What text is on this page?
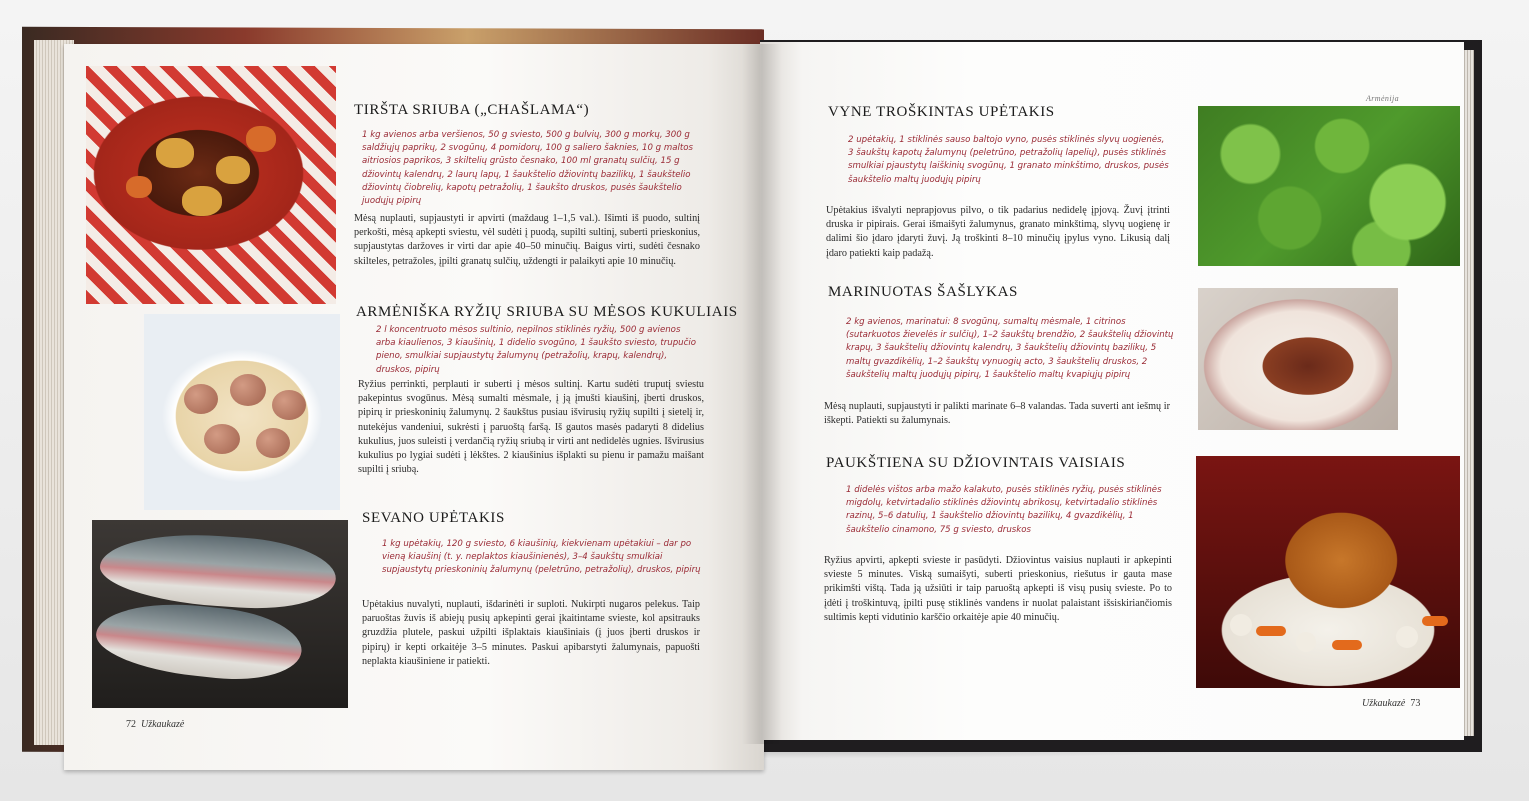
TIRŠTA SRIUBA („CHAŠLAMA“)
1 kg avienos arba veršienos, 50 g sviesto, 500 g bulvių, 300 g morkų, 300 g saldžiųjų paprikų, 2 svogūnų, 4 pomidorų, 100 g saliero šaknies, 10 g maltos aitriosios paprikos, 3 skiltelių grūsto česnako, 100 ml granatų sulčių, 15 g džiovintų kalendrų, 2 laurų lapų, 1 šaukštelio džiovintų bazilikų, 1 šaukštelio džiovintų čiobrelių, kapotų petražolių, 1 šaukšto druskos, pusės šaukštelio juodųjų pipirų
Mėsą nuplauti, supjaustyti ir apvirti (maždaug 1–1,5 val.). Išimti iš puodo, sultinį perkošti, mėsą apkepti sviestu, vėl sudėti į puodą, supilti sultinį, suberti prieskonius, supjaustytas daržoves ir virti dar apie 40–50 minučių. Baigus virti, sudėti česnako skilteles, petražoles, įpilti granatų sulčių, uždengti ir palaikyti apie 10 minučių.
ARMĖNIŠKA RYŽIŲ SRIUBA SU MĖSOS KUKULIAIS
2 l koncentruoto mėsos sultinio, nepilnos stiklinės ryžių, 500 g avienos arba kiaulienos, 3 kiaušinių, 1 didelio svogūno, 1 šaukšto sviesto, trupučio pieno, smulkiai supjaustytų žalumynų (petražolių, krapų, kalendrų), druskos, pipirų
Ryžius perrinkti, perplauti ir suberti į mėsos sultinį. Kartu sudėti truputį sviestu pakepintus svogūnus. Mėsą sumalti mėsmale, į ją įmušti kiaušinį, įberti druskos, pipirų ir prieskoninių žalumynų. 2 šaukštus pusiau išvirusių ryžių supilti į sietelį ir, nutekėjus vandeniui, sukrėsti į paruoštą faršą. Iš gautos masės padaryti 8 didelius kukulius, juos suleisti į verdančią ryžių sriubą ir virti ant nedidelės ugnies. Išvirusius kukulius po lygiai sudėti į lėkštes. 2 kiaušinius išplakti su pienu ir pamažu maišant supilti į sriubą.
SEVANO UPĖTAKIS
1 kg upėtakių, 120 g sviesto, 6 kiaušinių, kiekvienam upėtakiui – dar po vieną kiaušinį (t. y. neplaktos kiaušinienės), 3–4 šaukštų smulkiai supjaustytų prieskoninių žalumynų (peletrūno, petražolių), druskos, pipirų
Upėtakius nuvalyti, nuplauti, išdarinėti ir suploti. Nukirpti nugaros pelekus. Taip paruoštas žuvis iš abiejų pusių apkepinti gerai įkaitintame sviestе, kol apsitrauks gruzdžia plutele, paskui užpilti išplaktais kiaušiniais (į juos įberti druskos ir pipirų) ir kepti orkaitėje 3–5 minutes. Paskui apibarstyti žalumynais, papuošti neplakta kiaušiniene ir patiekti.
72 Užkaukazė
Armėnija
VYNE TROŠKINTAS UPĖTAKIS
2 upėtakių, 1 stiklinės sauso baltojo vyno, pusės stiklinės slyvų uogienės, 3 šaukštų kapotų žalumynų (peletrūno, petražolių lapelių), pusės stiklinės smulkiai pjaustytų laiškinių svogūnų, 1 granato minkštimo, druskos, pusės šaukštelio maltų juodųjų pipirų
Upėtakius išvalyti neprapjovus pilvo, o tik padarius nedidelę įpjovą. Žuvį įtrinti druska ir pipirais. Gerai išmaišyti žalumynus, granato minkštimą, slyvų uogienę ir dalimi šio įdaro įdaryti žuvį. Ją troškinti 8–10 minučių įpylus vyno. Likusią dalį įdaro patiekti kaip padažą.
MARINUOTAS ŠAŠLYKAS
2 kg avienos, marinatui: 8 svogūnų, sumaltų mėsmale, 1 citrinos (sutarkuotos žievelės ir sulčių), 1–2 šaukštų brendžio, 2 šaukštelių džiovintų krapų, 3 šaukštelių džiovintų kalendrų, 3 šaukštelių džiovintų bazilikų, 5 maltų gvazdikėlių, 1–2 šaukštų vynuogių acto, 3 šaukštelių druskos, 2 šaukštelių maltų juodųjų pipirų, 1 šaukštelio maltų kvapiųjų pipirų
Mėsą nuplauti, supjaustyti ir palikti marinate 6–8 valandas. Tada suverti ant iešmų ir iškepti. Patiekti su žalumynais.
PAUKŠTIENA SU DŽIOVINTAIS VAISIAIS
1 didelės vištos arba mažo kalakuto, pusės stiklinės ryžių, pusės stiklinės migdolų, ketvirtadalio stiklinės džiovintų abrikosų, ketvirtadalio stiklinės razinų, 5–6 datulių, 1 šaukštelio džiovintų bazilikų, 4 gvazdikėlių, 1 šaukštelio cinamono, 75 g sviesto, druskos
Ryžius apvirti, apkepti sviestе ir pasūdyti. Džiovintus vaisius nuplauti ir apkepinti sviestе 5 minutes. Viską sumaišyti, suberti prieskonius, riešutus ir gauta mase prikimšti vištą. Tada ją užsiūti ir taip paruoštą apkepti iš visų pusių sviestе. Po to įdėti į troškintuvą, įpilti pusę stiklinės vandens ir nuolat palaistant išsiskiriančiomis sultimis kepti vidutinio karščio orkaitėje apie 40 minučių.
Užkaukazė 73
